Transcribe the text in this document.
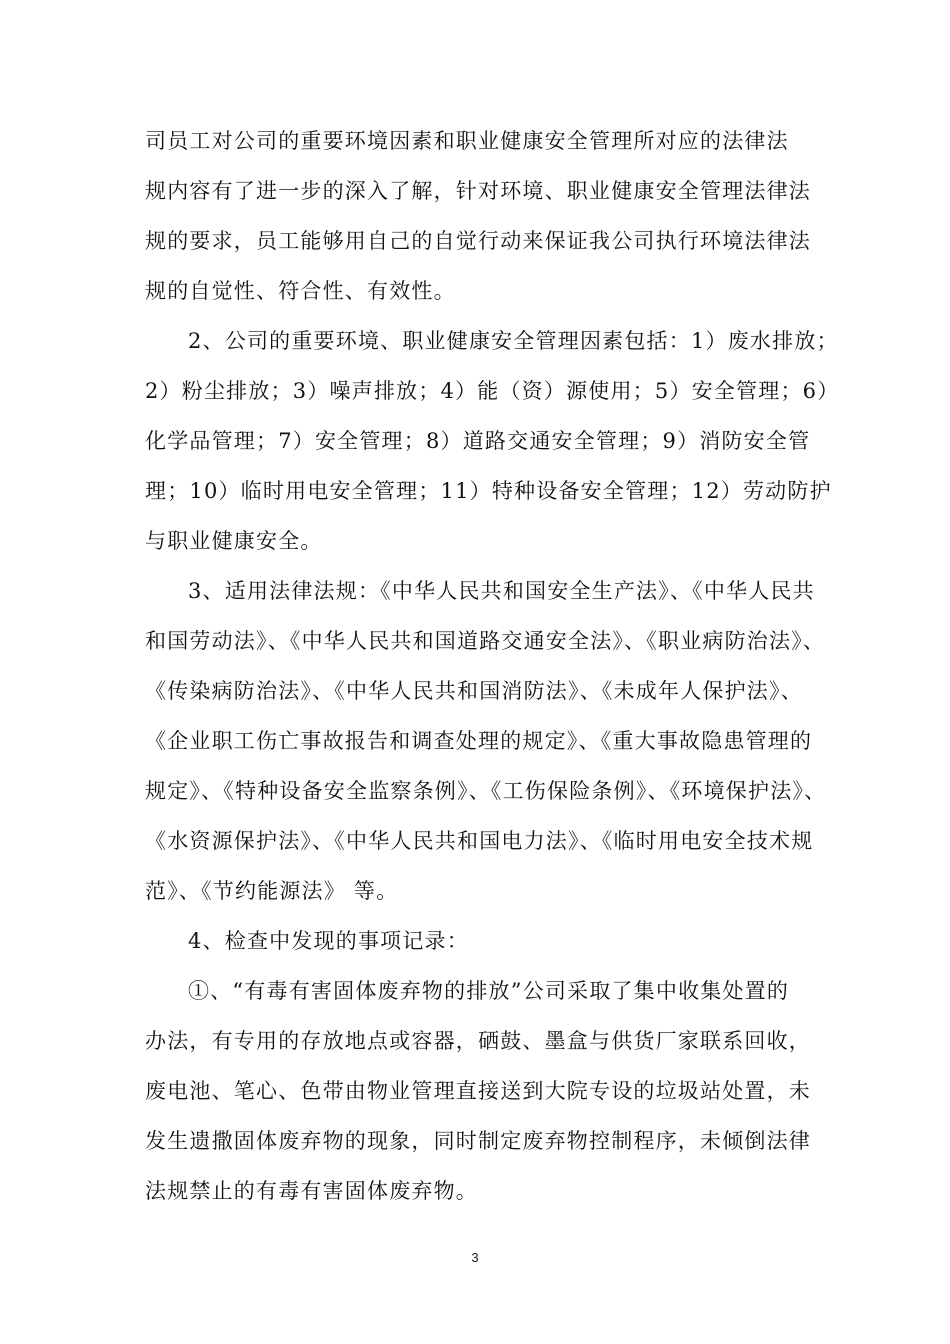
司员工对公司的重要环境因素和职业健康安全管理所对应的法律法
规内容有了进一步的深入了解，针对环境、职业健康安全管理法律法
规的要求，员工能够用自己的自觉行动来保证我公司执行环境法律法
规的自觉性、符合性、有效性。
2、公司的重要环境、职业健康安全管理因素包括：1）废水排放；
2）粉尘排放；3）噪声排放；4）能（资）源使用；5）安全管理；6）
化学品管理；7）安全管理；8）道路交通安全管理；9）消防安全管
理；10）临时用电安全管理；11）特种设备安全管理；12）劳动防护
与职业健康安全。
3、适用法律法规：《中华人民共和国安全生产法》、《中华人民共
和国劳动法》、《中华人民共和国道路交通安全法》、《职业病防治法》、
《传染病防治法》、《中华人民共和国消防法》、《未成年人保护法》、
《企业职工伤亡事故报告和调查处理的规定》、《重大事故隐患管理的
规定》、《特种设备安全监察条例》、《工伤保险条例》、《环境保护法》、
《水资源保护法》、《中华人民共和国电力法》、《临时用电安全技术规
范》、《节约能源法》 等。
4、检查中发现的事项记录：
①、“有毒有害固体废弃物的排放”公司采取了集中收集处置的
办法，有专用的存放地点或容器，硒鼓、墨盒与供货厂家联系回收，
废电池、笔心、色带由物业管理直接送到大院专设的垃圾站处置，未
发生遗撒固体废弃物的现象，同时制定废弃物控制程序，未倾倒法律
法规禁止的有毒有害固体废弃物。
3
